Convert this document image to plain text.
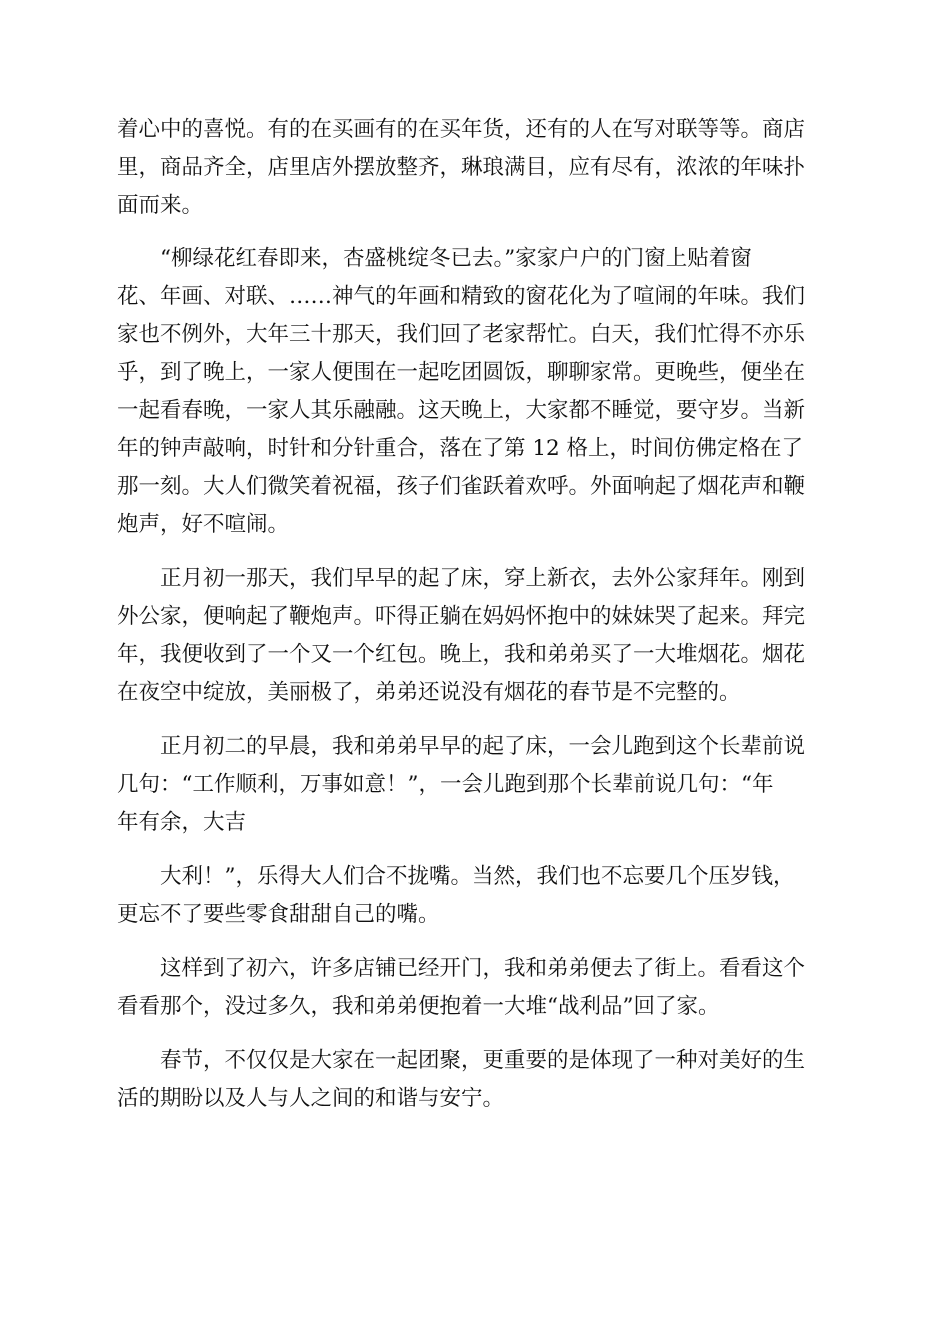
着心中的喜悦。有的在买画有的在买年货，还有的人在写对联等等。商店
里，商品齐全，店里店外摆放整齐，琳琅满目，应有尽有，浓浓的年味扑
面而来。
“柳绿花红春即来，杏盛桃绽冬已去。”家家户户的门窗上贴着窗
花、年画、对联、……神气的年画和精致的窗花化为了喧闹的年味。我们
家也不例外，大年三十那天，我们回了老家帮忙。白天，我们忙得不亦乐
乎，到了晚上，一家人便围在一起吃团圆饭，聊聊家常。更晚些，便坐在
一起看春晚，一家人其乐融融。这天晚上，大家都不睡觉，要守岁。当新
年的钟声敲响，时针和分针重合，落在了第 12 格上，时间仿佛定格在了
那一刻。大人们微笑着祝福，孩子们雀跃着欢呼。外面响起了烟花声和鞭
炮声，好不喧闹。
正月初一那天，我们早早的起了床，穿上新衣，去外公家拜年。刚到
外公家，便响起了鞭炮声。吓得正躺在妈妈怀抱中的妹妹哭了起来。拜完
年，我便收到了一个又一个红包。晚上，我和弟弟买了一大堆烟花。烟花
在夜空中绽放，美丽极了，弟弟还说没有烟花的春节是不完整的。
正月初二的早晨，我和弟弟早早的起了床，一会儿跑到这个长辈前说
几句：“工作顺利，万事如意！”，一会儿跑到那个长辈前说几句：“年
年有余，大吉
大利！”，乐得大人们合不拢嘴。当然，我们也不忘要几个压岁钱，
更忘不了要些零食甜甜自己的嘴。
这样到了初六，许多店铺已经开门，我和弟弟便去了街上。看看这个
看看那个，没过多久，我和弟弟便抱着一大堆“战利品”回了家。
春节，不仅仅是大家在一起团聚，更重要的是体现了一种对美好的生
活的期盼以及人与人之间的和谐与安宁。
